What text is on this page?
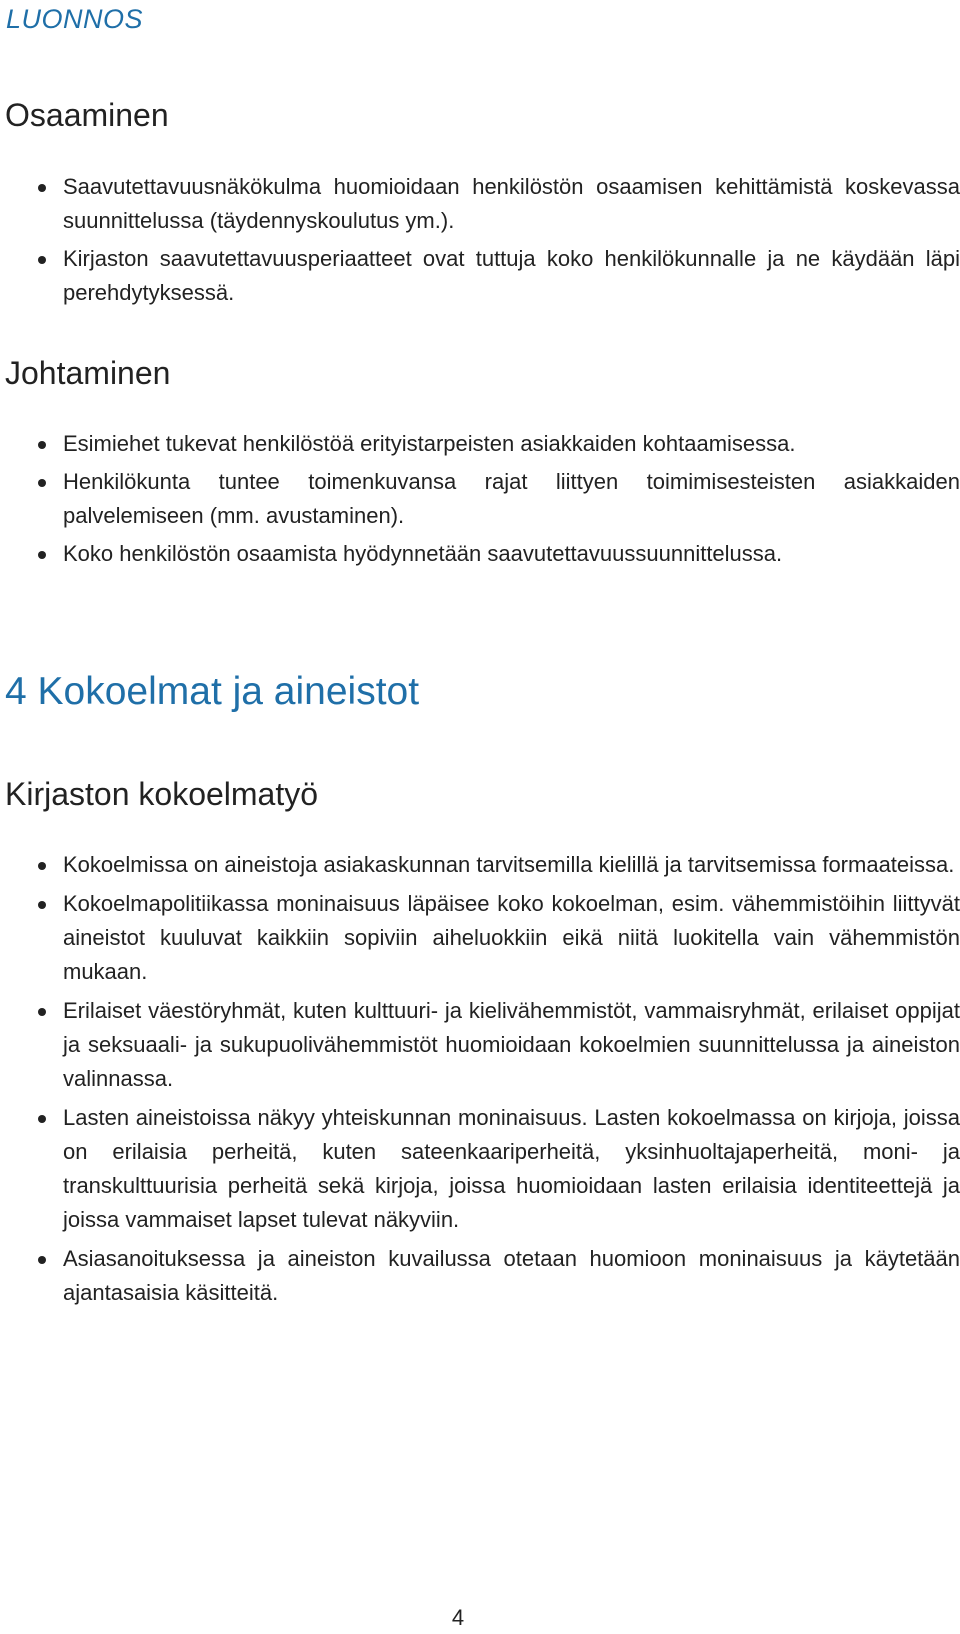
LUONNOS
Osaaminen
Saavutettavuusnäkökulma huomioidaan henkilöstön osaamisen kehittämistä koskevassa suunnittelussa (täydennyskoulutus ym.).
Kirjaston saavutettavuusperiaatteet ovat tuttuja koko henkilökunnalle ja ne käydään läpi perehdytyksessä.
Johtaminen
Esimiehet tukevat henkilöstöä erityistarpeisten asiakkaiden kohtaamisessa.
Henkilökunta tuntee toimenkuvansa rajat liittyen toimimisesteisten asiakkaiden palvelemiseen (mm. avustaminen).
Koko henkilöstön osaamista hyödynnetään saavutettavuussuunnittelussa.
4 Kokoelmat ja aineistot
Kirjaston kokoelmatyö
Kokoelmissa on aineistoja asiakaskunnan tarvitsemilla kielillä ja tarvitsemissa formaateissa.
Kokoelmapolitiikassa moninaisuus läpäisee koko kokoelman, esim. vähemmistöihin liittyvät aineistot kuuluvat kaikkiin sopiviin aiheluokkiin eikä niitä luokitella vain vähemmistön mukaan.
Erilaiset väestöryhmät, kuten kulttuuri- ja kielivähemmistöt, vammaisryhmät, erilaiset oppijat ja seksuaali- ja sukupuolivähemmistöt huomioidaan kokoelmien suunnittelussa ja aineiston valinnassa.
Lasten aineistoissa näkyy yhteiskunnan moninaisuus. Lasten kokoelmassa on kirjoja, joissa on erilaisia perheitä, kuten sateenkaariperheitä, yksinhuoltajaperheitä, moni- ja transkulttuurisia perheitä sekä kirjoja, joissa huomioidaan lasten erilaisia identiteettejä ja joissa vammaiset lapset tulevat näkyviin.
Asiasanoituksessa ja aineiston kuvailussa otetaan huomioon moninaisuus ja käytetään ajantasaisia käsitteitä.
4
